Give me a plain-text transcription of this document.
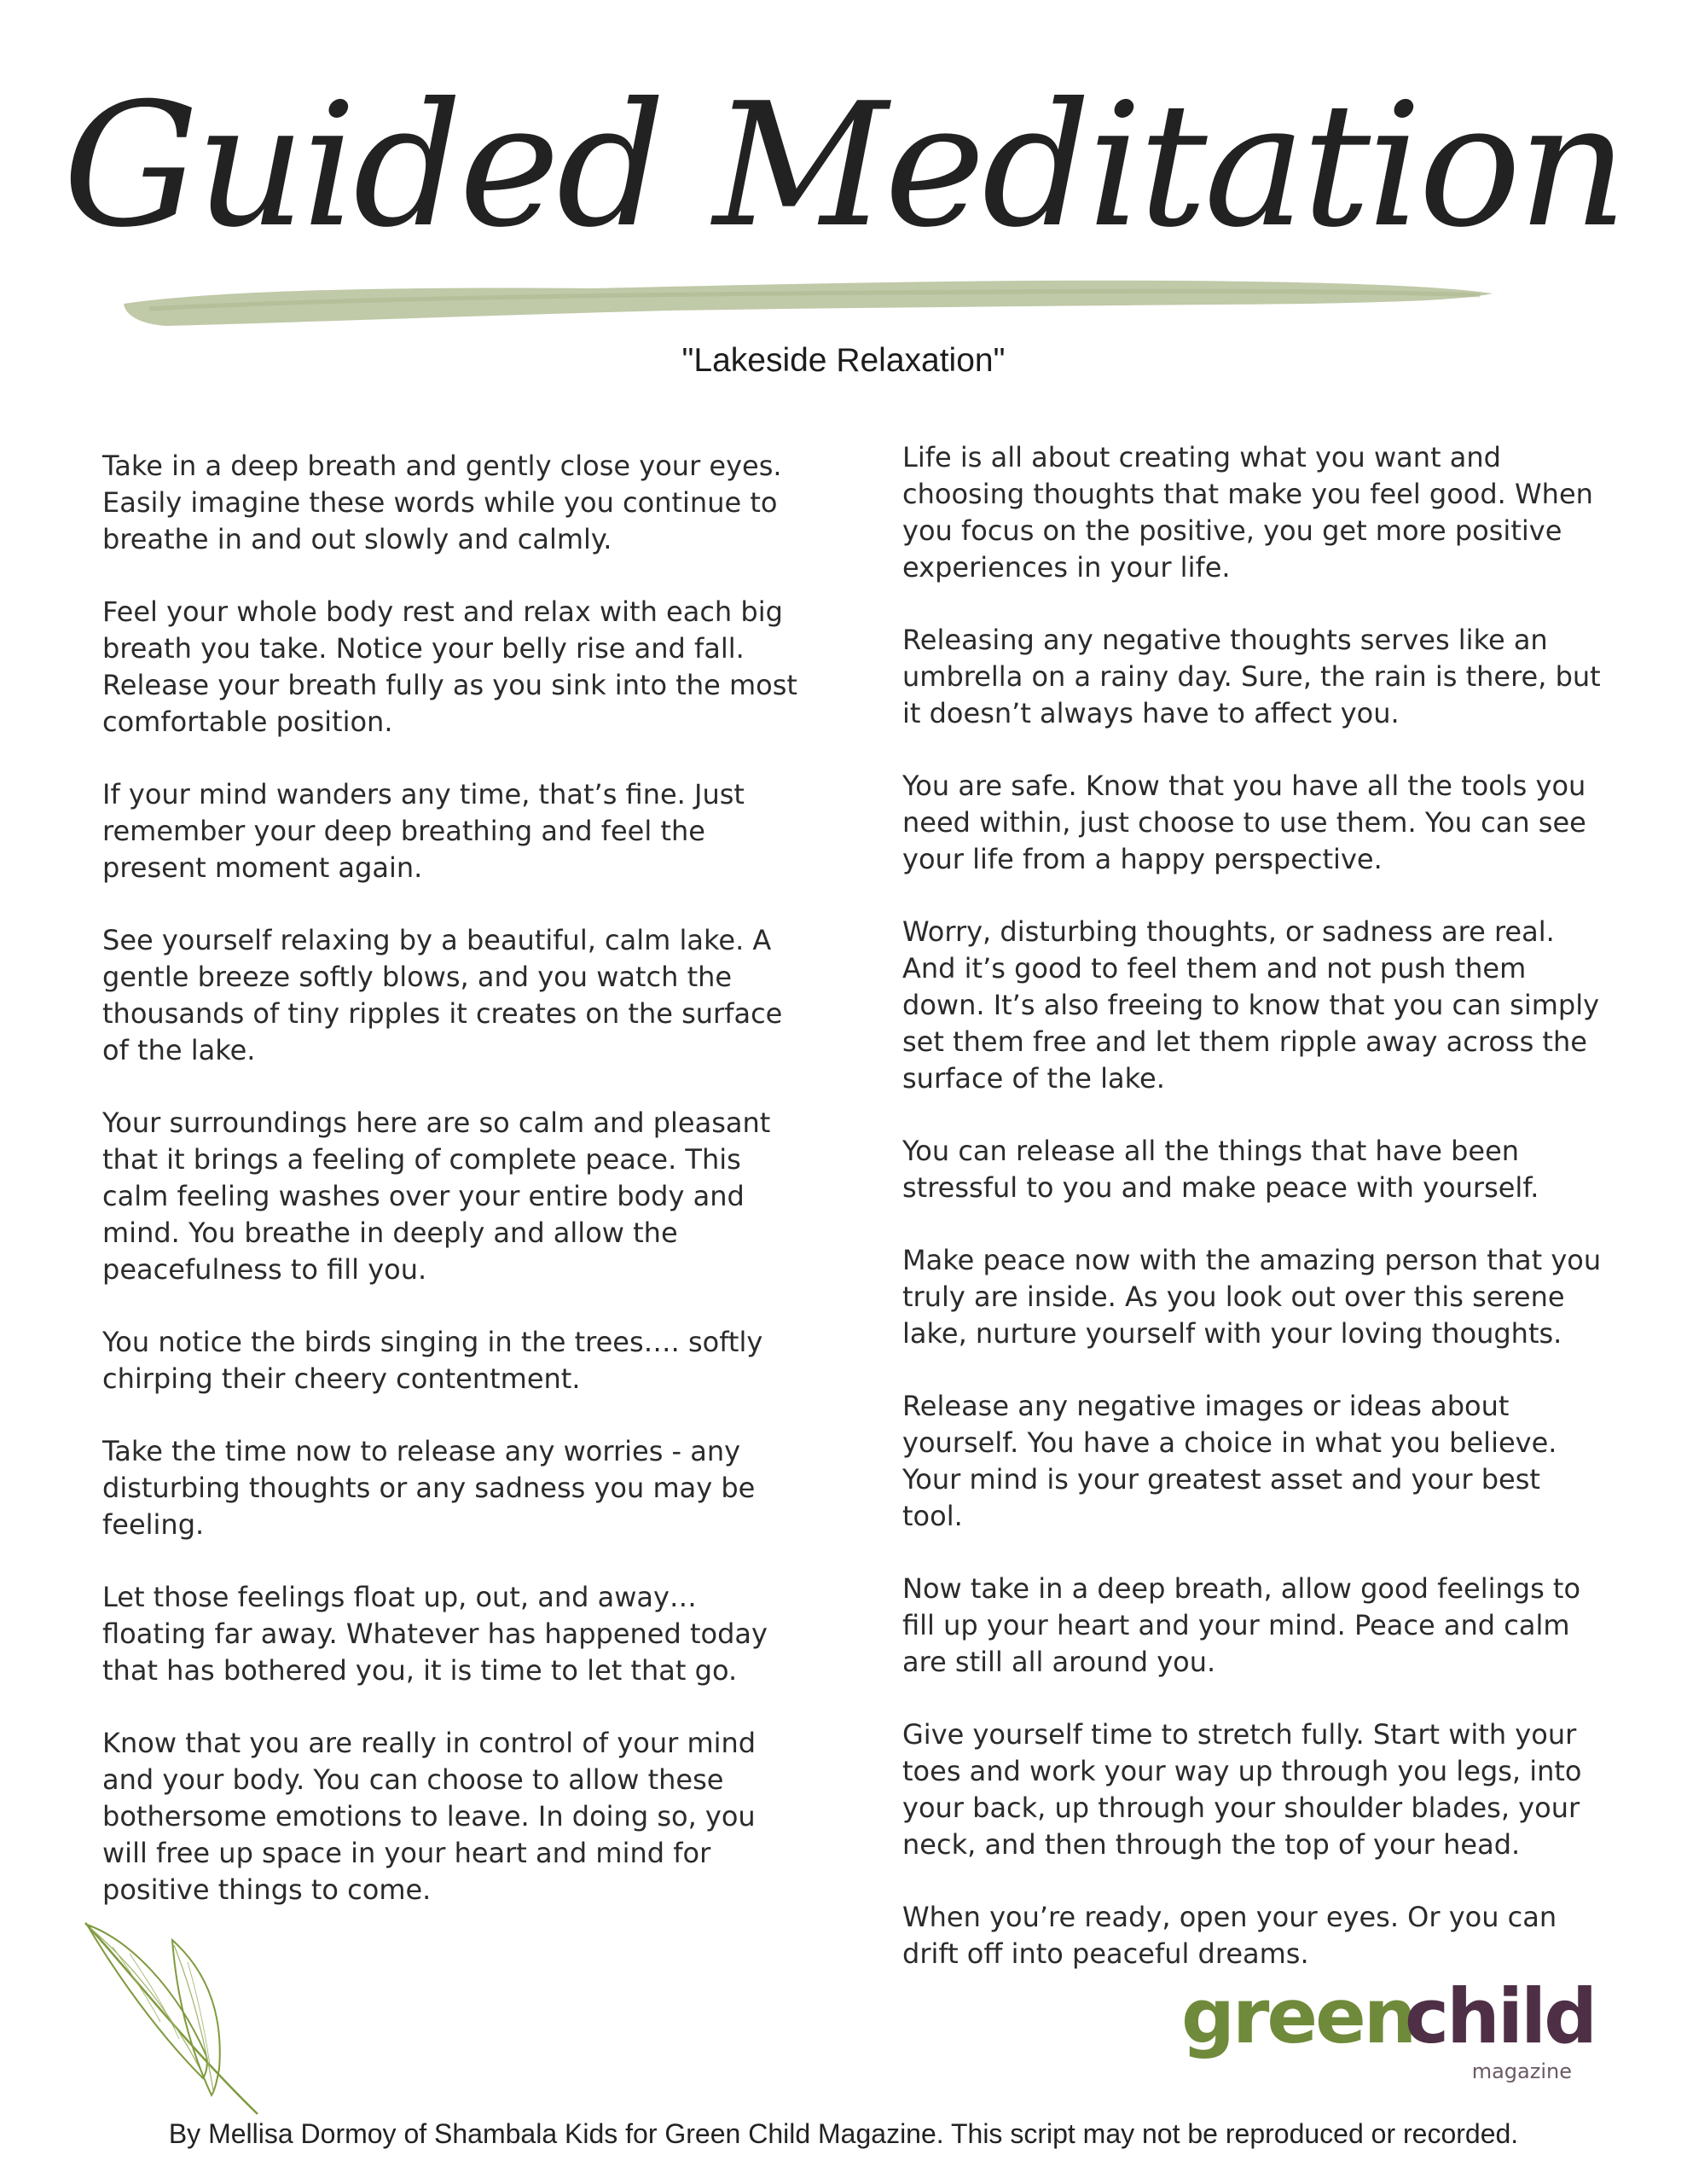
Guided Meditation
"Lakeside Relaxation"

Take in a deep breath and gently close your eyes. Easily imagine these words while you continue to breathe in and out slowly and calmly.

Feel your whole body rest and relax with each big breath you take. Notice your belly rise and fall. Release your breath fully as you sink into the most comfortable position.

If your mind wanders any time, that’s fine. Just remember your deep breathing and feel the present moment again.

See yourself relaxing by a beautiful, calm lake. A gentle breeze softly blows, and you watch the thousands of tiny ripples it creates on the surface of the lake.

Your surroundings here are so calm and pleasant that it brings a feeling of complete peace. This calm feeling washes over your entire body and mind. You breathe in deeply and allow the peacefulness to fill you.

You notice the birds singing in the trees…. softly chirping their cheery contentment.

Take the time now to release any worries - any disturbing thoughts or any sadness you may be feeling.

Let those feelings float up, out, and away… floating far away. Whatever has happened today that has bothered you, it is time to let that go.

Know that you are really in control of your mind and your body. You can choose to allow these bothersome emotions to leave. In doing so, you will free up space in your heart and mind for positive things to come.

Life is all about creating what you want and choosing thoughts that make you feel good. When you focus on the positive, you get more positive experiences in your life.

Releasing any negative thoughts serves like an umbrella on a rainy day. Sure, the rain is there, but it doesn’t always have to affect you.

You are safe. Know that you have all the tools you need within, just choose to use them. You can see your life from a happy perspective.

Worry, disturbing thoughts, or sadness are real. And it’s good to feel them and not push them down. It’s also freeing to know that you can simply set them free and let them ripple away across the surface of the lake.

You can release all the things that have been stressful to you and make peace with yourself.

Make peace now with the amazing person that you truly are inside. As you look out over this serene lake, nurture yourself with your loving thoughts.

Release any negative images or ideas about yourself. You have a choice in what you believe. Your mind is your greatest asset and your best tool.

Now take in a deep breath, allow good feelings to fill up your heart and your mind. Peace and calm are still all around you.

Give yourself time to stretch fully. Start with your toes and work your way up through you legs, into your back, up through your shoulder blades, your neck, and then through the top of your head.

When you’re ready, open your eyes. Or you can drift off into peaceful dreams.

green
child
magazine
By Mellisa Dormoy of Shambala Kids for Green Child Magazine. This script may not be reproduced or recorded.
